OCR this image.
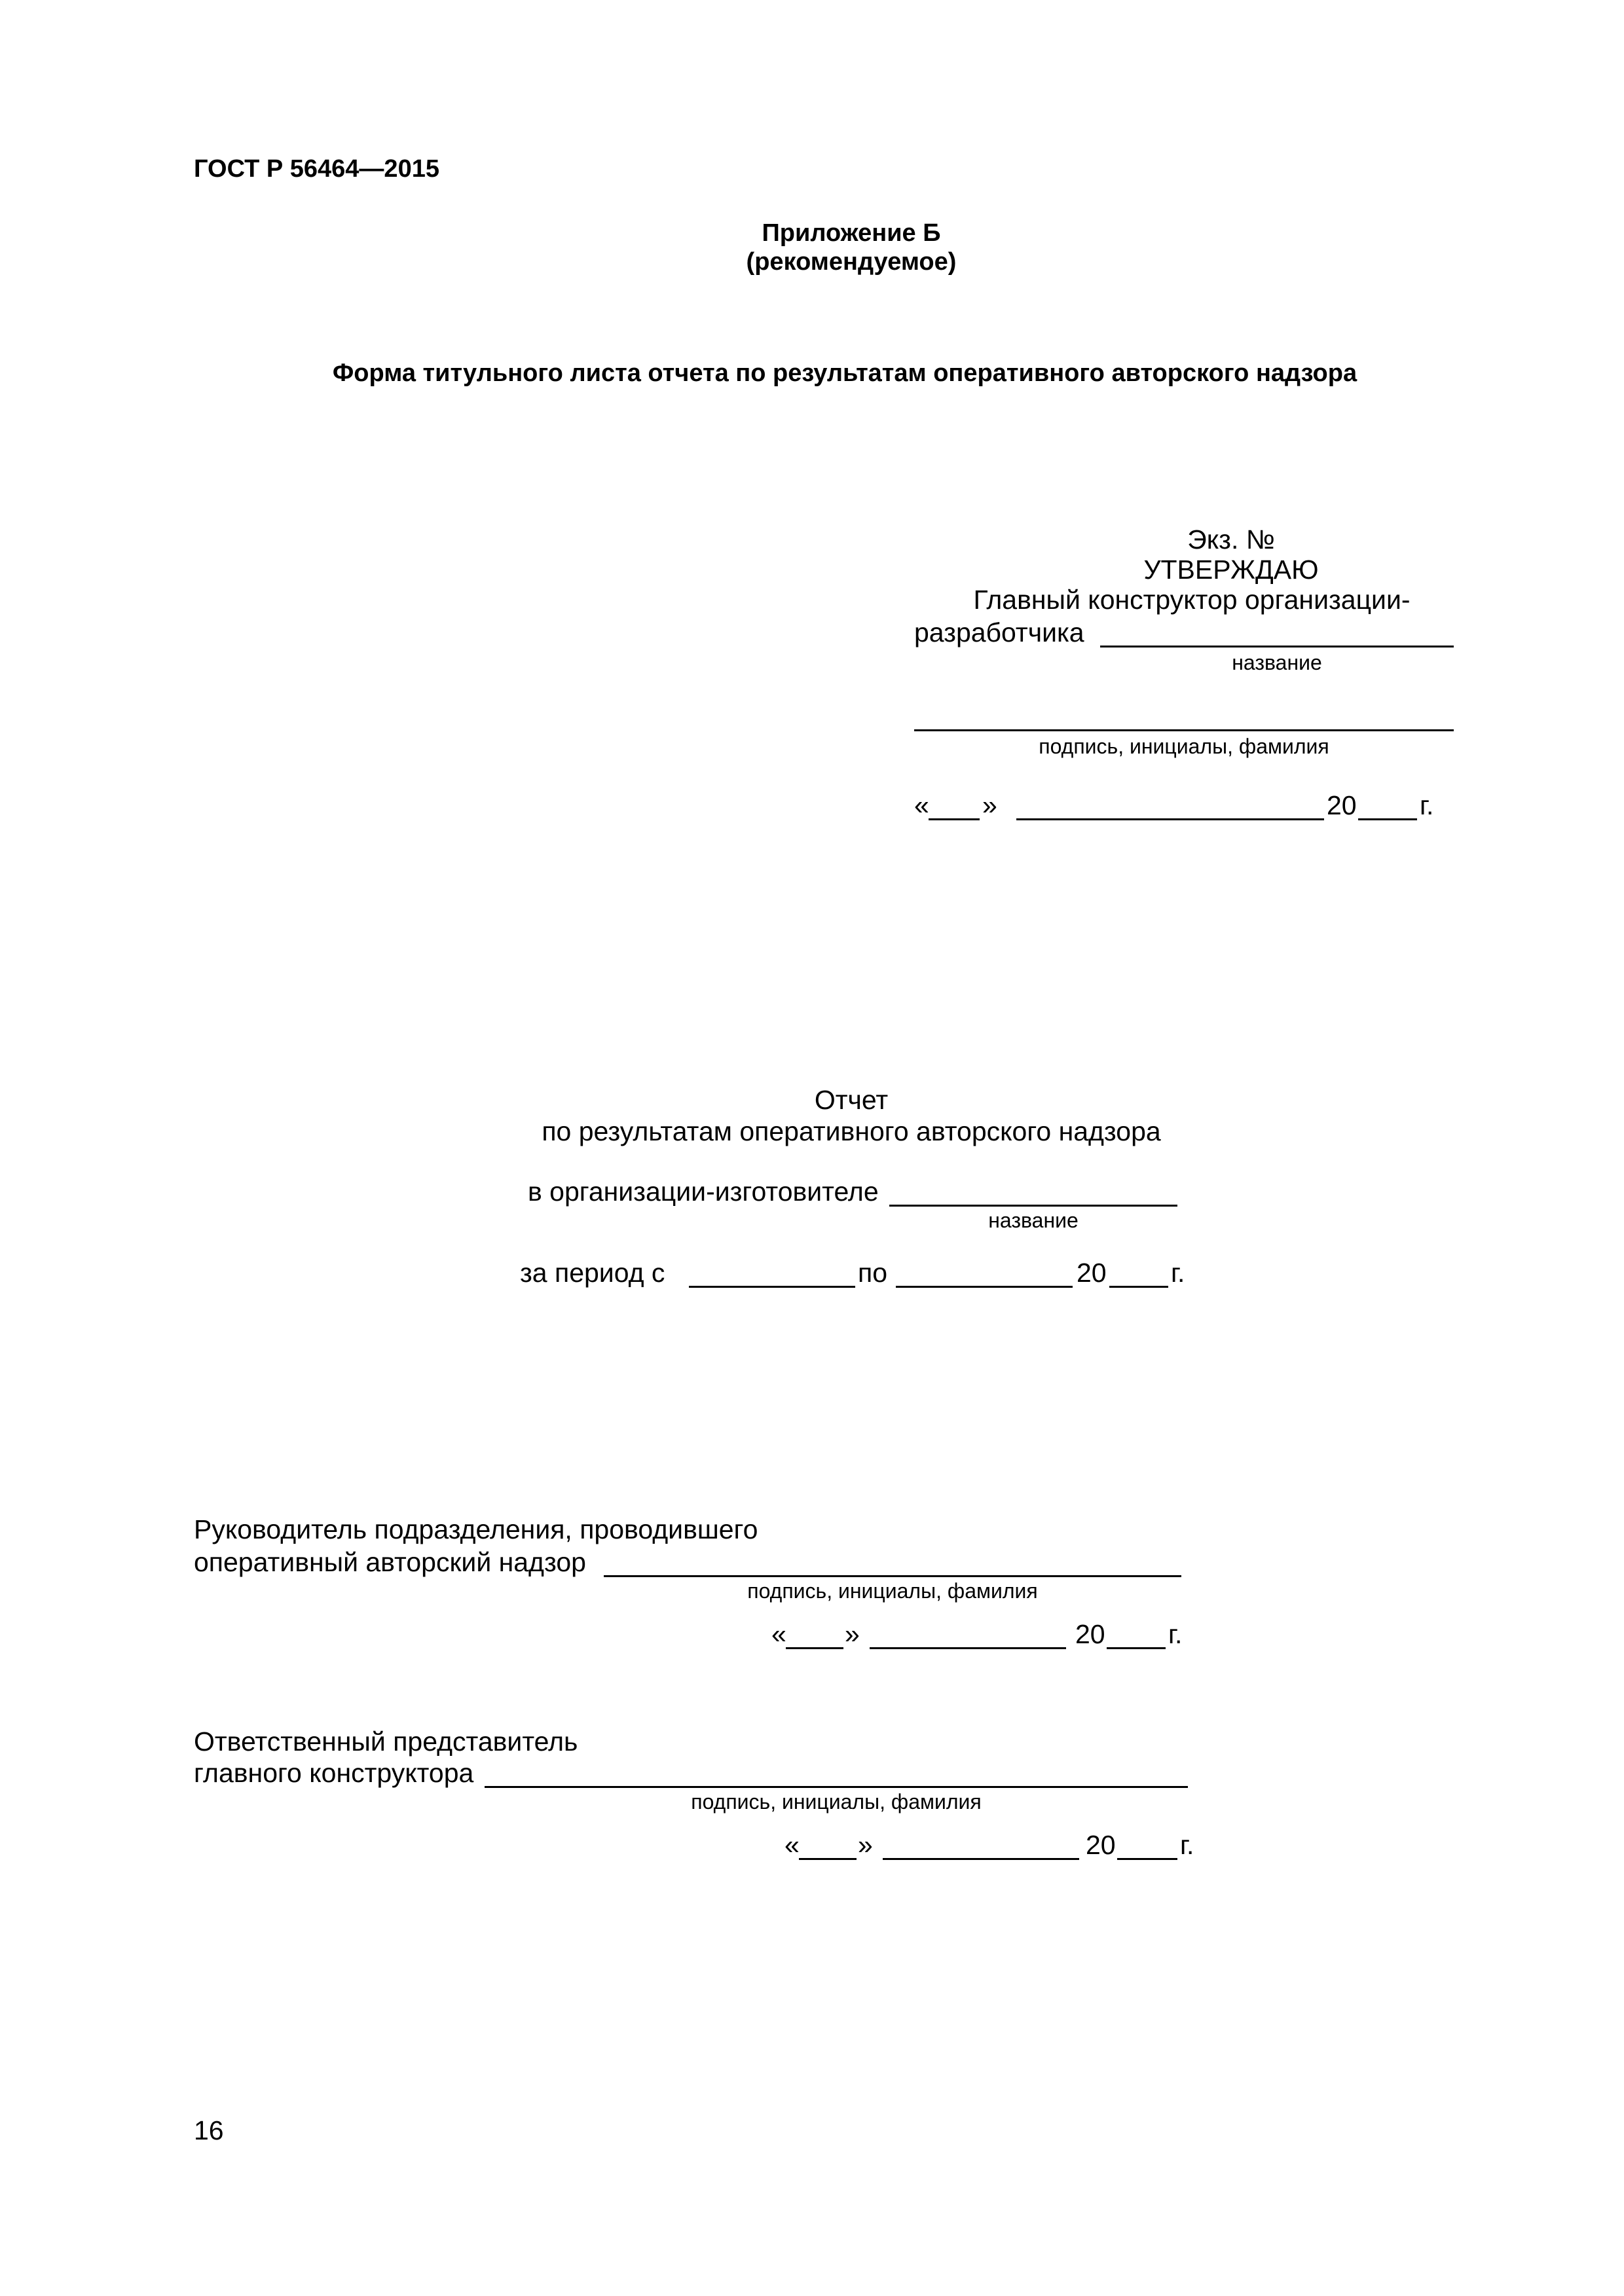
ГОСТ Р 56464—2015
Приложение Б
(рекомендуемое)
Форма титульного листа отчета по результатам оперативного авторского надзора
Экз. №
УТВЕРЖДАЮ
Главный конструктор организации-
разработчика
название
подпись, инициалы, фамилия
« »	20 г.
Отчет
по результатам оперативного авторского надзора
в организации-изготовителе
название
за период с	по	20 г.
Руководитель подразделения, проводившего
оперативный авторский надзор
подпись, инициалы, фамилия
« »	20 г.
Ответственный представитель
главного конструктора
подпись, инициалы, фамилия
« »	20 г.
16
